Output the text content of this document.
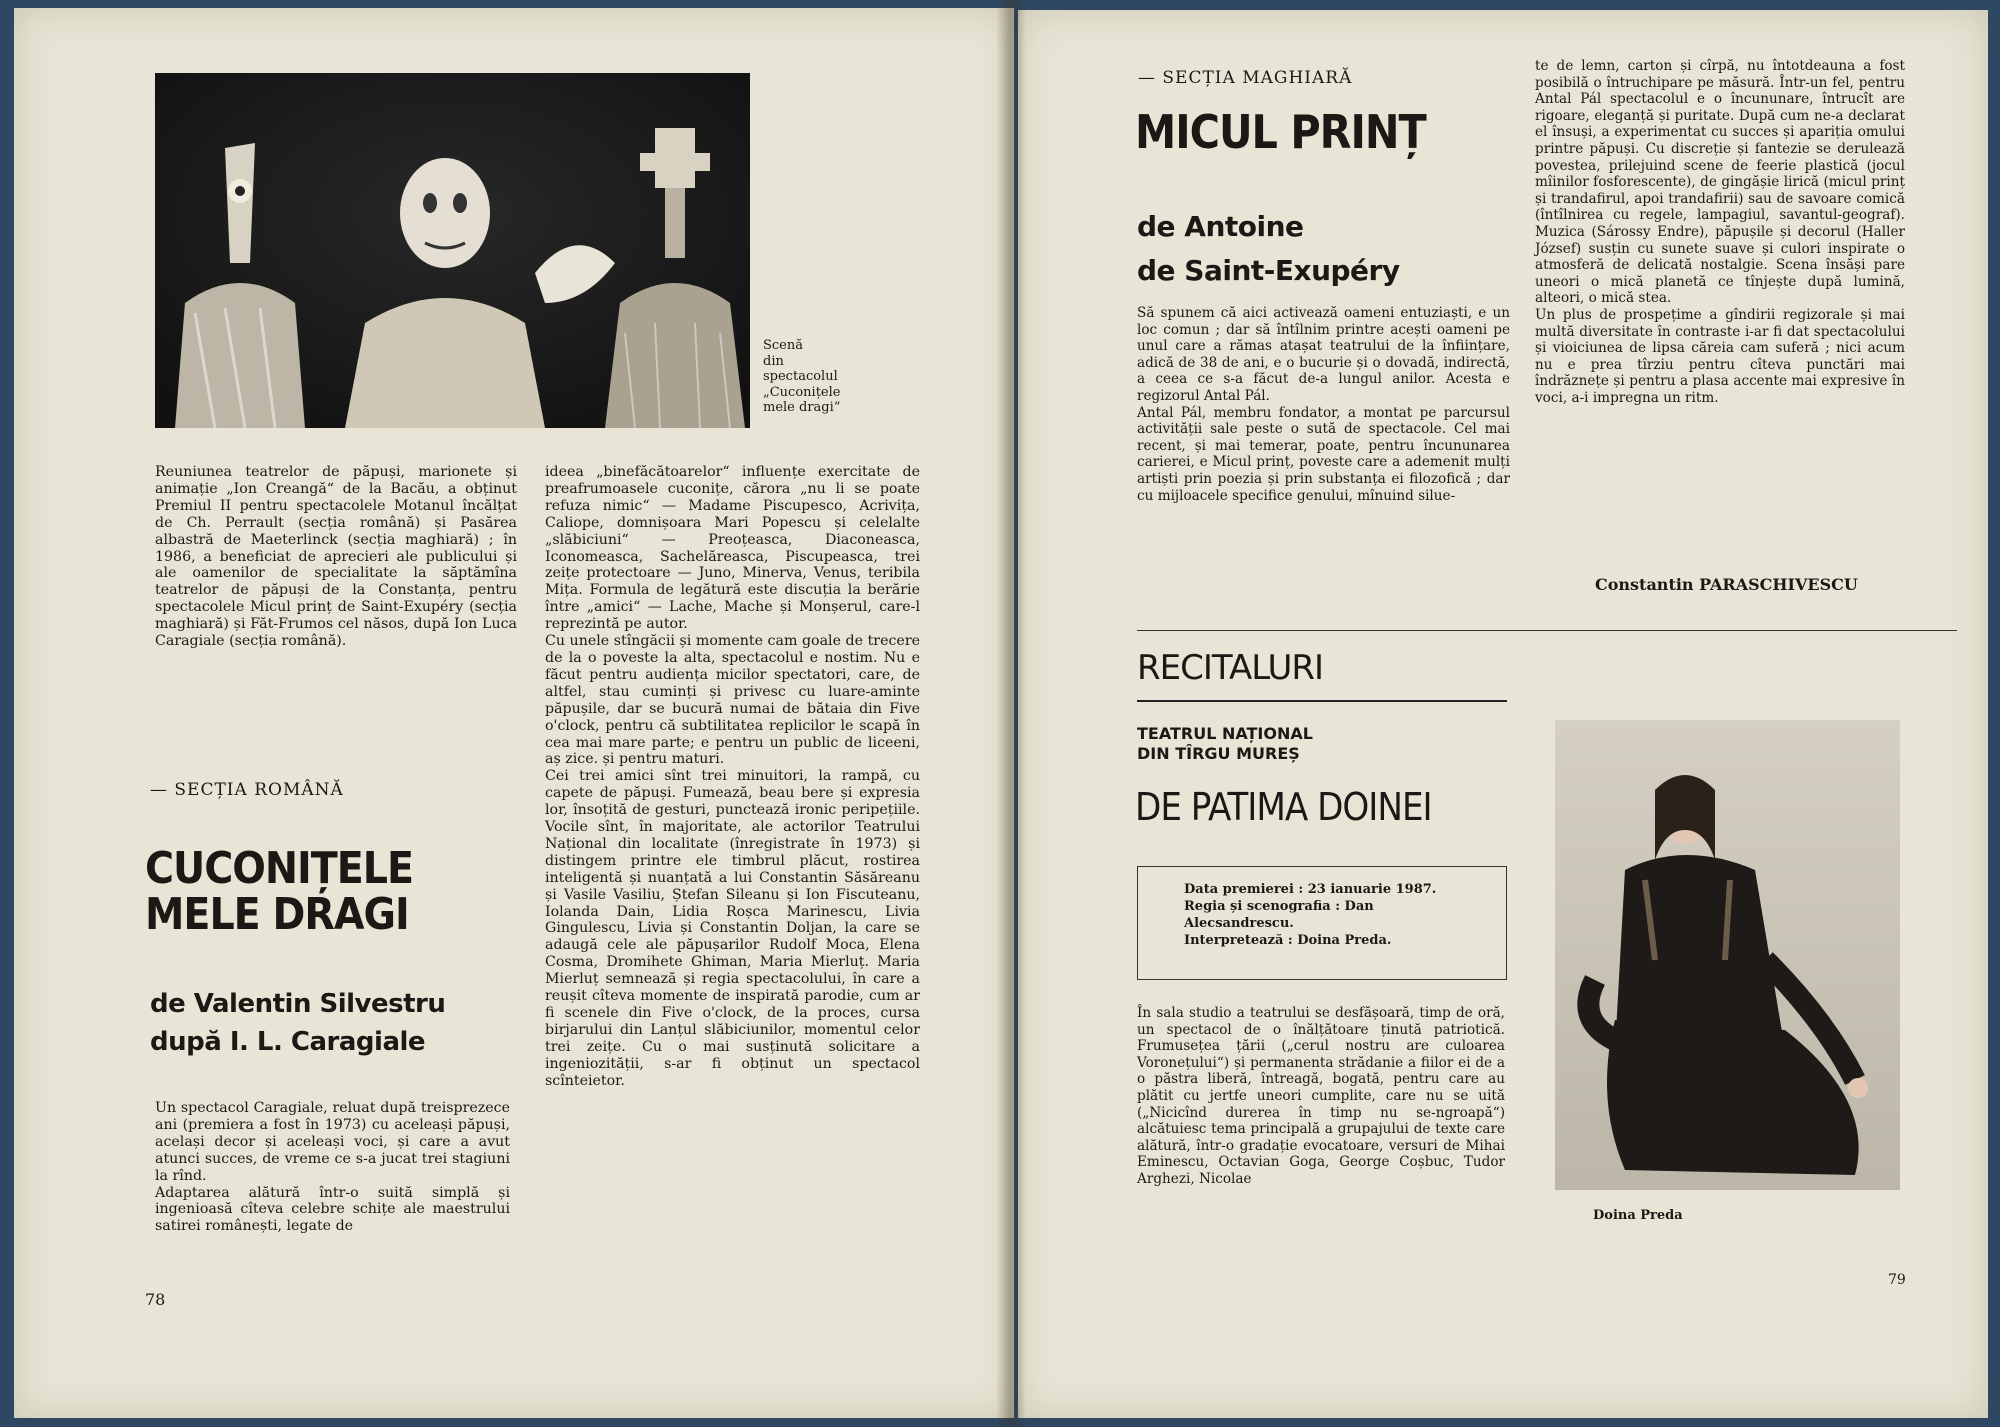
Scenă
din
spectacolul
„Cuconițele
mele dragi“
Reuniunea teatrelor de păpuși, marionete și animație „Ion Creangă“ de la Bacău, a obținut Premiul II pentru spectacolele Motanul încălțat de Ch. Perrault (secția română) și Pasărea albastră de Maeterlinck (secția maghiară) ; în 1986, a beneficiat de aprecieri ale publicului și ale oamenilor de specialitate la săptămîna teatrelor de păpuși de la Constanța, pentru spectacolele Micul prinț de Saint-Exupéry (secția maghiară) și Făt-Frumos cel năsos, după Ion Luca Caragiale (secția română).
— SECȚIA ROMÂNĂ
CUCONIȚELE MELE DRAGI
de Valentin Silvestru
după I. L. Caragiale
Un spectacol Caragiale, reluat după treisprezece ani (premiera a fost în 1973) cu aceleași păpuși, același decor și aceleași voci, și care a avut atunci succes, de vreme ce s-a jucat trei stagiuni la rînd.
Adaptarea alătură într-o suită simplă și ingenioasă cîteva celebre schițe ale maestrului satirei românești, legate de
ideea „binefăcătoarelor“ influențe exercitate de preafrumoasele cuconițe, cărora „nu li se poate refuza nimic“ — Madame Piscupesco, Acrivița, Caliope, domnișoara Mari Popescu și celelalte „slăbiciuni“ — Preoțeasca, Diaconeasca, Iconomeasca, Sachelăreasca, Piscupeasca, trei zeițe protectoare — Juno, Minerva, Venus, teribila Mița. Formula de legătură este discuția la berărie între „amici“ — Lache, Mache și Monșerul, care-l reprezintă pe autor.
Cu unele stîngăcii și momente cam goale de trecere de la o poveste la alta, spectacolul e nostim. Nu e făcut pentru audiența micilor spectatori, care, de altfel, stau cuminți și privesc cu luare-aminte păpușile, dar se bucură numai de bătaia din Five o'clock, pentru că subtilitatea replicilor le scapă în cea mai mare parte; e pentru un public de liceeni, aș zice. și pentru maturi.
Cei trei amici sînt trei minuitori, la rampă, cu capete de păpuși. Fumează, beau bere și expresia lor, însoțită de gesturi, punctează ironic peripețiile. Vocile sînt, în majoritate, ale actorilor Teatrului Național din localitate (înregistrate în 1973) și distingem printre ele timbrul plăcut, rostirea inteligentă și nuanțată a lui Constantin Săsăreanu și Vasile Vasiliu, Ștefan Sileanu și Ion Fiscuteanu, Iolanda Dain, Lidia Roșca Marinescu, Livia Gingulescu, Livia și Constantin Doljan, la care se adaugă cele ale păpușarilor Rudolf Moca, Elena Cosma, Dromihete Ghiman, Maria Mierluț. Maria Mierluț semnează și regia spectacolului, în care a reușit cîteva momente de inspirată parodie, cum ar fi scenele din Five o'clock, de la proces, cursa birjarului din Lanțul slăbiciunilor, momentul celor trei zeițe. Cu o mai susținută solicitare a ingeniozității, s-ar fi obținut un spectacol scînteietor.
78
— SECȚIA MAGHIARĂ
MICUL PRINȚ
de Antoine
de Saint-Exupéry
Să spunem că aici activează oameni entuziaști, e un loc comun ; dar să întîlnim printre acești oameni pe unul care a rămas atașat teatrului de la înființare, adică de 38 de ani, e o bucurie și o dovadă, indirectă, a ceea ce s-a făcut de-a lungul anilor. Acesta e regizorul Antal Pál.
Antal Pál, membru fondator, a montat pe parcursul activității sale peste o sută de spectacole. Cel mai recent, și mai temerar, poate, pentru încununarea carierei, e Micul prinț, poveste care a ademenit mulți artiști prin poezia și prin substanța ei filozofică ; dar cu mijloacele specifice genului, mînuind silue-
te de lemn, carton și cîrpă, nu întotdeauna a fost posibilă o întruchipare pe măsură. Într-un fel, pentru Antal Pál spectacolul e o încununare, întrucît are rigoare, eleganță și puritate. După cum ne-a declarat el însuși, a experimentat cu succes și apariția omului printre păpuși. Cu discreție și fantezie se derulează povestea, prilejuind scene de feerie plastică (jocul mîinilor fosforescente), de gingășie lirică (micul prinț și trandafirul, apoi trandafirii) sau de savoare comică (întîlnirea cu regele, lampagiul, savantul-geograf). Muzica (Sárossy Endre), păpușile și decorul (Haller József) susțin cu sunete suave și culori inspirate o atmosferă de delicată nostalgie. Scena însăși pare uneori o mică planetă ce tînjește după lumină, alteori, o mică stea.
Un plus de prospețime a gîndirii regizorale și mai multă diversitate în contraste i-ar fi dat spectacolului și vioiciunea de lipsa căreia cam suferă ; nici acum nu e prea tîrziu pentru cîteva punctări mai îndrăznețe și pentru a plasa accente mai expresive în voci, a-i impregna un ritm.
Constantin PARASCHIVESCU
RECITALURI
TEATRUL NAȚIONAL
DIN TÎRGU MUREȘ
DE PATIMA DOINEI
Data premierei : 23 ianuarie 1987.
Regia și scenografia : Dan Alecsandrescu.
Interpretează : Doina Preda.
În sala studio a teatrului se desfășoară, timp de oră, un spectacol de o înălțătoare ținută patriotică. Frumusețea țării („cerul nostru are culoarea Voronețului“) și permanenta strădanie a fiilor ei de a o păstra liberă, întreagă, bogată, pentru care au plătit cu jertfe uneori cumplite, care nu se uită („Nicicînd durerea în timp nu se-ngroapă“) alcătuiesc tema principală a grupajului de texte care alătură, într-o gradație evocatoare, versuri de Mihai Eminescu, Octavian Goga, George Coșbuc, Tudor Arghezi, Nicolae
Doina Preda
79
